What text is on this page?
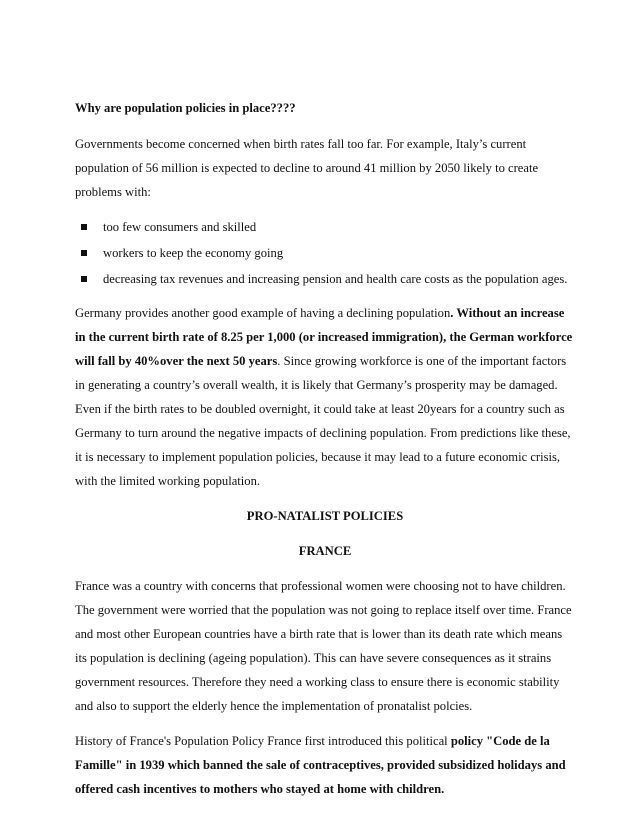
Why are population policies in place????

Governments become concerned when birth rates fall too far. For example, Italy’s current population of 56 million is expected to decline to around 41 million by 2050 likely to create problems with:

too few consumers and skilled
workers to keep the economy going
decreasing tax revenues and increasing pension and health care costs as the population ages.

Germany provides another good example of having a declining population. Without an increase in the current birth rate of 8.25 per 1,000 (or increased immigration), the German workforce will fall by 40%over the next 50 years. Since growing workforce is one of the important factors in generating a country’s overall wealth, it is likely that Germany’s prosperity may be damaged. Even if the birth rates to be doubled overnight, it could take at least 20years for a country such as Germany to turn around the negative impacts of declining population. From predictions like these, it is necessary to implement population policies, because it may lead to a future economic crisis, with the limited working population.

PRO-NATALIST POLICIES

FRANCE

France was a country with concerns that professional women were choosing not to have children. The government were worried that the population was not going to replace itself over time. France and most other European countries have a birth rate that is lower than its death rate which means its population is declining (ageing population). This can have severe consequences as it strains government resources. Therefore they need a working class to ensure there is economic stability and also to support the elderly hence the implementation of pronatalist polcies.

History of France's Population Policy France first introduced this political policy "Code de la Famille" in 1939 which banned the sale of contraceptives, provided subsidized holidays and offered cash incentives to mothers who stayed at home with children.
